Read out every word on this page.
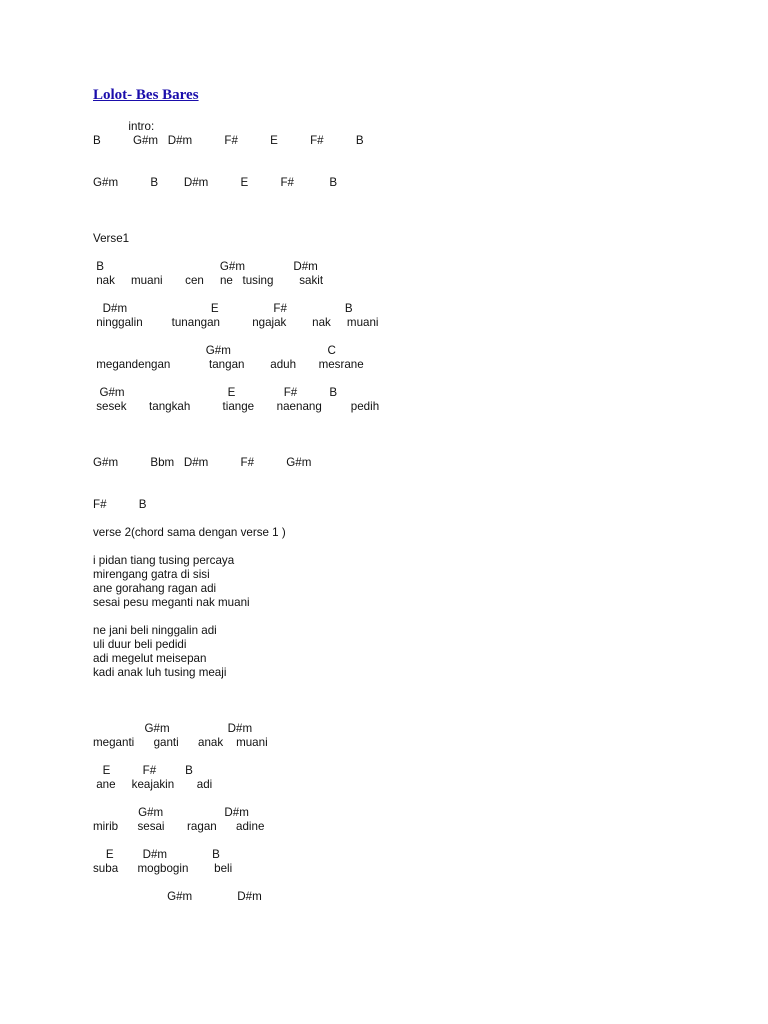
Lolot- Bes Bares
intro:
B          G#m   D#m          F#          E          F#          B
G#m          B        D#m          E          F#           B
Verse1
B                                    G#m               D#m
nak     muani       cen     ne   tusing        sakit
D#m                          E                 F#                  B
ninggalin         tunangan          ngajak        nak     muani
G#m                              C
megandengan            tangan        aduh       mesrane
G#m                                E               F#          B
sesek       tangkah          tiange       naenang         pedih
G#m          Bbm   D#m          F#          G#m
F#          B
verse 2(chord sama dengan verse 1 )
i pidan tiang tusing percaya
mirengang gatra di sisi
ane gorahang ragan adi
sesai pesu meganti nak muani
ne jani beli ninggalin adi
uli duur beli pedidi
adi megelut meisepan
kadi anak luh tusing meaji
G#m                  D#m
meganti      ganti      anak    muani
E          F#         B
ane     keajakin       adi
G#m                   D#m
mirib      sesai       ragan      adine
E         D#m              B
suba      mogbogin        beli
G#m              D#m
